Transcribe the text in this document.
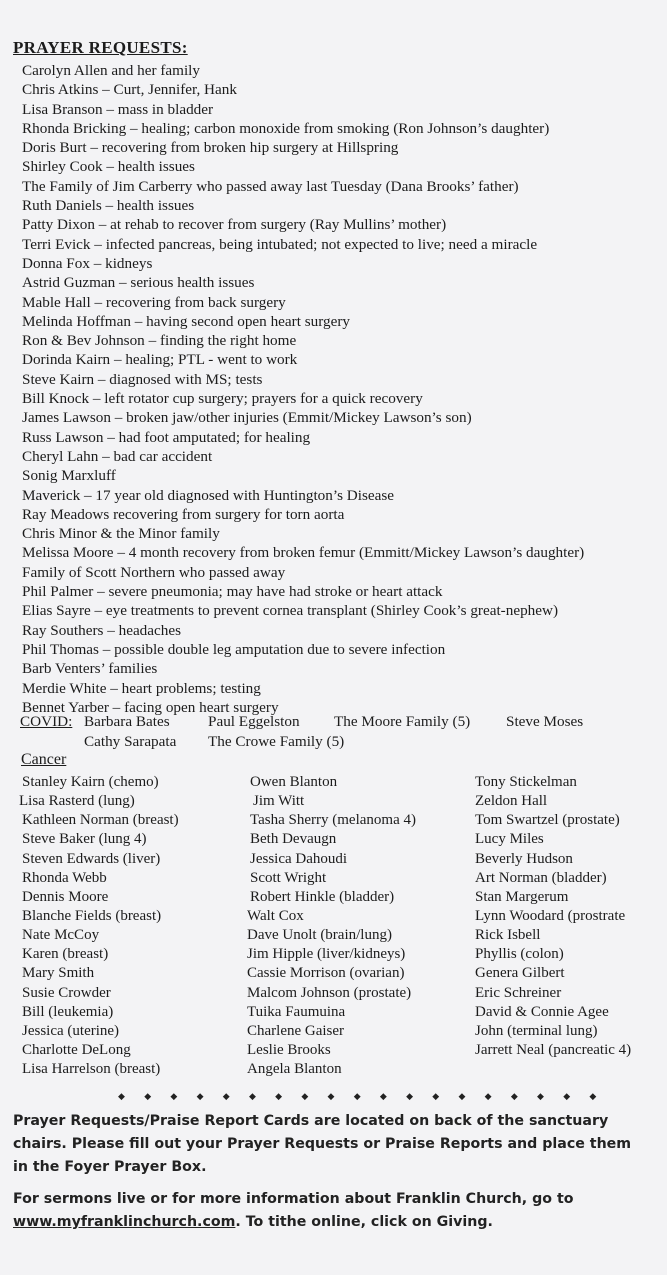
PRAYER REQUESTS:
Carolyn Allen and her family
Chris Atkins – Curt, Jennifer, Hank
Lisa Branson – mass in bladder
Rhonda Bricking – healing; carbon monoxide from smoking (Ron Johnson’s daughter)
Doris Burt – recovering from broken hip surgery at Hillspring
Shirley Cook – health issues
The Family of Jim Carberry who passed away last Tuesday (Dana Brooks’ father)
Ruth Daniels – health issues
Patty Dixon – at rehab to recover from surgery (Ray Mullins’ mother)
Terri Evick – infected pancreas, being intubated; not expected to live; need a miracle
Donna Fox – kidneys
Astrid Guzman – serious health issues
Mable Hall – recovering from back surgery
Melinda Hoffman – having second open heart surgery
Ron & Bev Johnson – finding the right home
Dorinda Kairn – healing; PTL - went to work
Steve Kairn – diagnosed with MS; tests
Bill Knock – left rotator cup surgery; prayers for a quick recovery
James Lawson – broken jaw/other injuries (Emmit/Mickey Lawson’s son)
Russ Lawson – had foot amputated; for healing
Cheryl Lahn – bad car accident
Sonig Marxluff
Maverick – 17 year old diagnosed with Huntington’s Disease
Ray Meadows recovering from surgery for torn aorta
Chris Minor & the Minor family
Melissa Moore – 4 month recovery from broken femur (Emmitt/Mickey Lawson’s daughter)
Family of Scott Northern who passed away
Phil Palmer – severe pneumonia; may have had stroke or heart attack
Elias Sayre – eye treatments to prevent cornea transplant (Shirley Cook’s great-nephew)
Ray Southers – headaches
Phil Thomas – possible double leg amputation due to severe infection
Barb Venters’ families
Merdie White – heart problems; testing
Bennet Yarber – facing open heart surgery
COVID: Barbara Bates	Paul Eggelston The Moore Family (5) Steve Moses
Cathy Sarapata The Crowe Family (5)
Cancer
Stanley Kairn (chemo)
Lisa Rasterd (lung)
Kathleen Norman (breast)
Steve Baker (lung 4)
Steven Edwards (liver)
Rhonda Webb
Dennis Moore
Blanche Fields (breast)
Nate McCoy
Karen (breast)
Mary Smith
Susie Crowder
Bill (leukemia)
Jessica (uterine)
Charlotte DeLong
Lisa Harrelson (breast)
Owen Blanton
Jim Witt
Tasha Sherry (melanoma 4)
Beth Devaugn
Jessica Dahoudi
Scott Wright
Robert Hinkle (bladder)
Walt Cox
Dave Unolt (brain/lung)
Jim Hipple (liver/kidneys)
Cassie Morrison (ovarian)
Malcom Johnson (prostate)
Tuika Faumuina
Charlene Gaiser
Leslie Brooks
Angela Blanton
Tony Stickelman
Zeldon Hall
Tom Swartzel (prostate)
Lucy Miles
Beverly Hudson
Art Norman (bladder)
Stan Margerum
Lynn Woodard (prostrate
Rick Isbell
Phyllis (colon)
Genera Gilbert
Eric Schreiner
David & Connie Agee
John (terminal lung)
Jarrett Neal (pancreatic 4)
◆ ◆ ◆ ◆ ◆ ◆ ◆ ◆ ◆ ◆ ◆ ◆ ◆ ◆ ◆ ◆ ◆ ◆ ◆

Prayer Requests/Praise Report Cards are located on back of the sanctuary chairs. Please fill out your Prayer Requests or Praise Reports and place them in the Foyer Prayer Box.

For sermons live or for more information about Franklin Church, go to www.myfranklinchurch.com. To tithe online, click on Giving.
